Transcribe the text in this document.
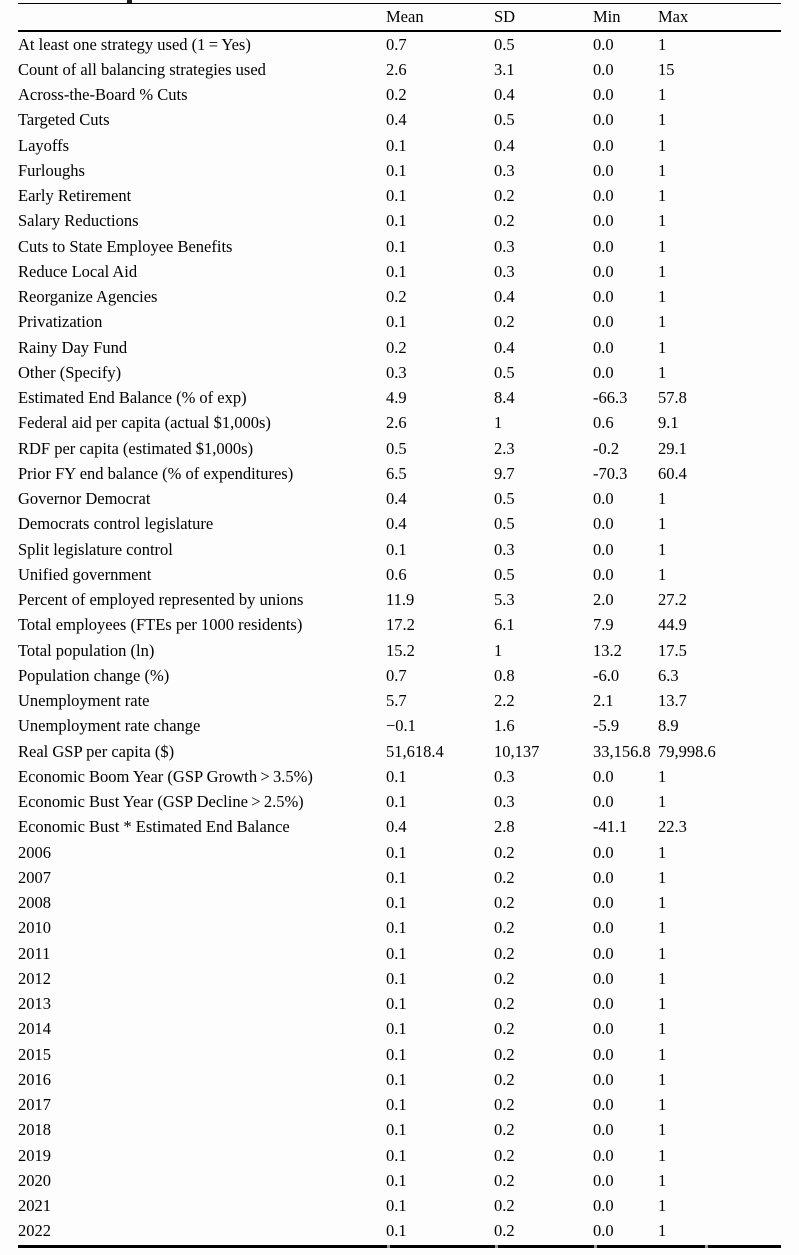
	Mean	SD	Min	Max
At least one strategy used (1 = Yes)	0.7	0.5	0.0	1
Count of all balancing strategies used	2.6	3.1	0.0	15
Across-the-Board % Cuts	0.2	0.4	0.0	1
Targeted Cuts	0.4	0.5	0.0	1
Layoffs	0.1	0.4	0.0	1
Furloughs	0.1	0.3	0.0	1
Early Retirement	0.1	0.2	0.0	1
Salary Reductions	0.1	0.2	0.0	1
Cuts to State Employee Benefits	0.1	0.3	0.0	1
Reduce Local Aid	0.1	0.3	0.0	1
Reorganize Agencies	0.2	0.4	0.0	1
Privatization	0.1	0.2	0.0	1
Rainy Day Fund	0.2	0.4	0.0	1
Other (Specify)	0.3	0.5	0.0	1
Estimated End Balance (% of exp)	4.9	8.4	-66.3	57.8
Federal aid per capita (actual $1,000s)	2.6	1	0.6	9.1
RDF per capita (estimated $1,000s)	0.5	2.3	-0.2	29.1
Prior FY end balance (% of expenditures)	6.5	9.7	-70.3	60.4
Governor Democrat	0.4	0.5	0.0	1
Democrats control legislature	0.4	0.5	0.0	1
Split legislature control	0.1	0.3	0.0	1
Unified government	0.6	0.5	0.0	1
Percent of employed represented by unions	11.9	5.3	2.0	27.2
Total employees (FTEs per 1000 residents)	17.2	6.1	7.9	44.9
Total population (ln)	15.2	1	13.2	17.5
Population change (%)	0.7	0.8	-6.0	6.3
Unemployment rate	5.7	2.2	2.1	13.7
Unemployment rate change	−0.1	1.6	-5.9	8.9
Real GSP per capita ($)	51,618.4	10,137	33,156.8	79,998.6
Economic Boom Year (GSP Growth > 3.5%)	0.1	0.3	0.0	1
Economic Bust Year (GSP Decline > 2.5%)	0.1	0.3	0.0	1
Economic Bust * Estimated End Balance	0.4	2.8	-41.1	22.3
2006	0.1	0.2	0.0	1
2007	0.1	0.2	0.0	1
2008	0.1	0.2	0.0	1
2010	0.1	0.2	0.0	1
2011	0.1	0.2	0.0	1
2012	0.1	0.2	0.0	1
2013	0.1	0.2	0.0	1
2014	0.1	0.2	0.0	1
2015	0.1	0.2	0.0	1
2016	0.1	0.2	0.0	1
2017	0.1	0.2	0.0	1
2018	0.1	0.2	0.0	1
2019	0.1	0.2	0.0	1
2020	0.1	0.2	0.0	1
2021	0.1	0.2	0.0	1
2022	0.1	0.2	0.0	1
